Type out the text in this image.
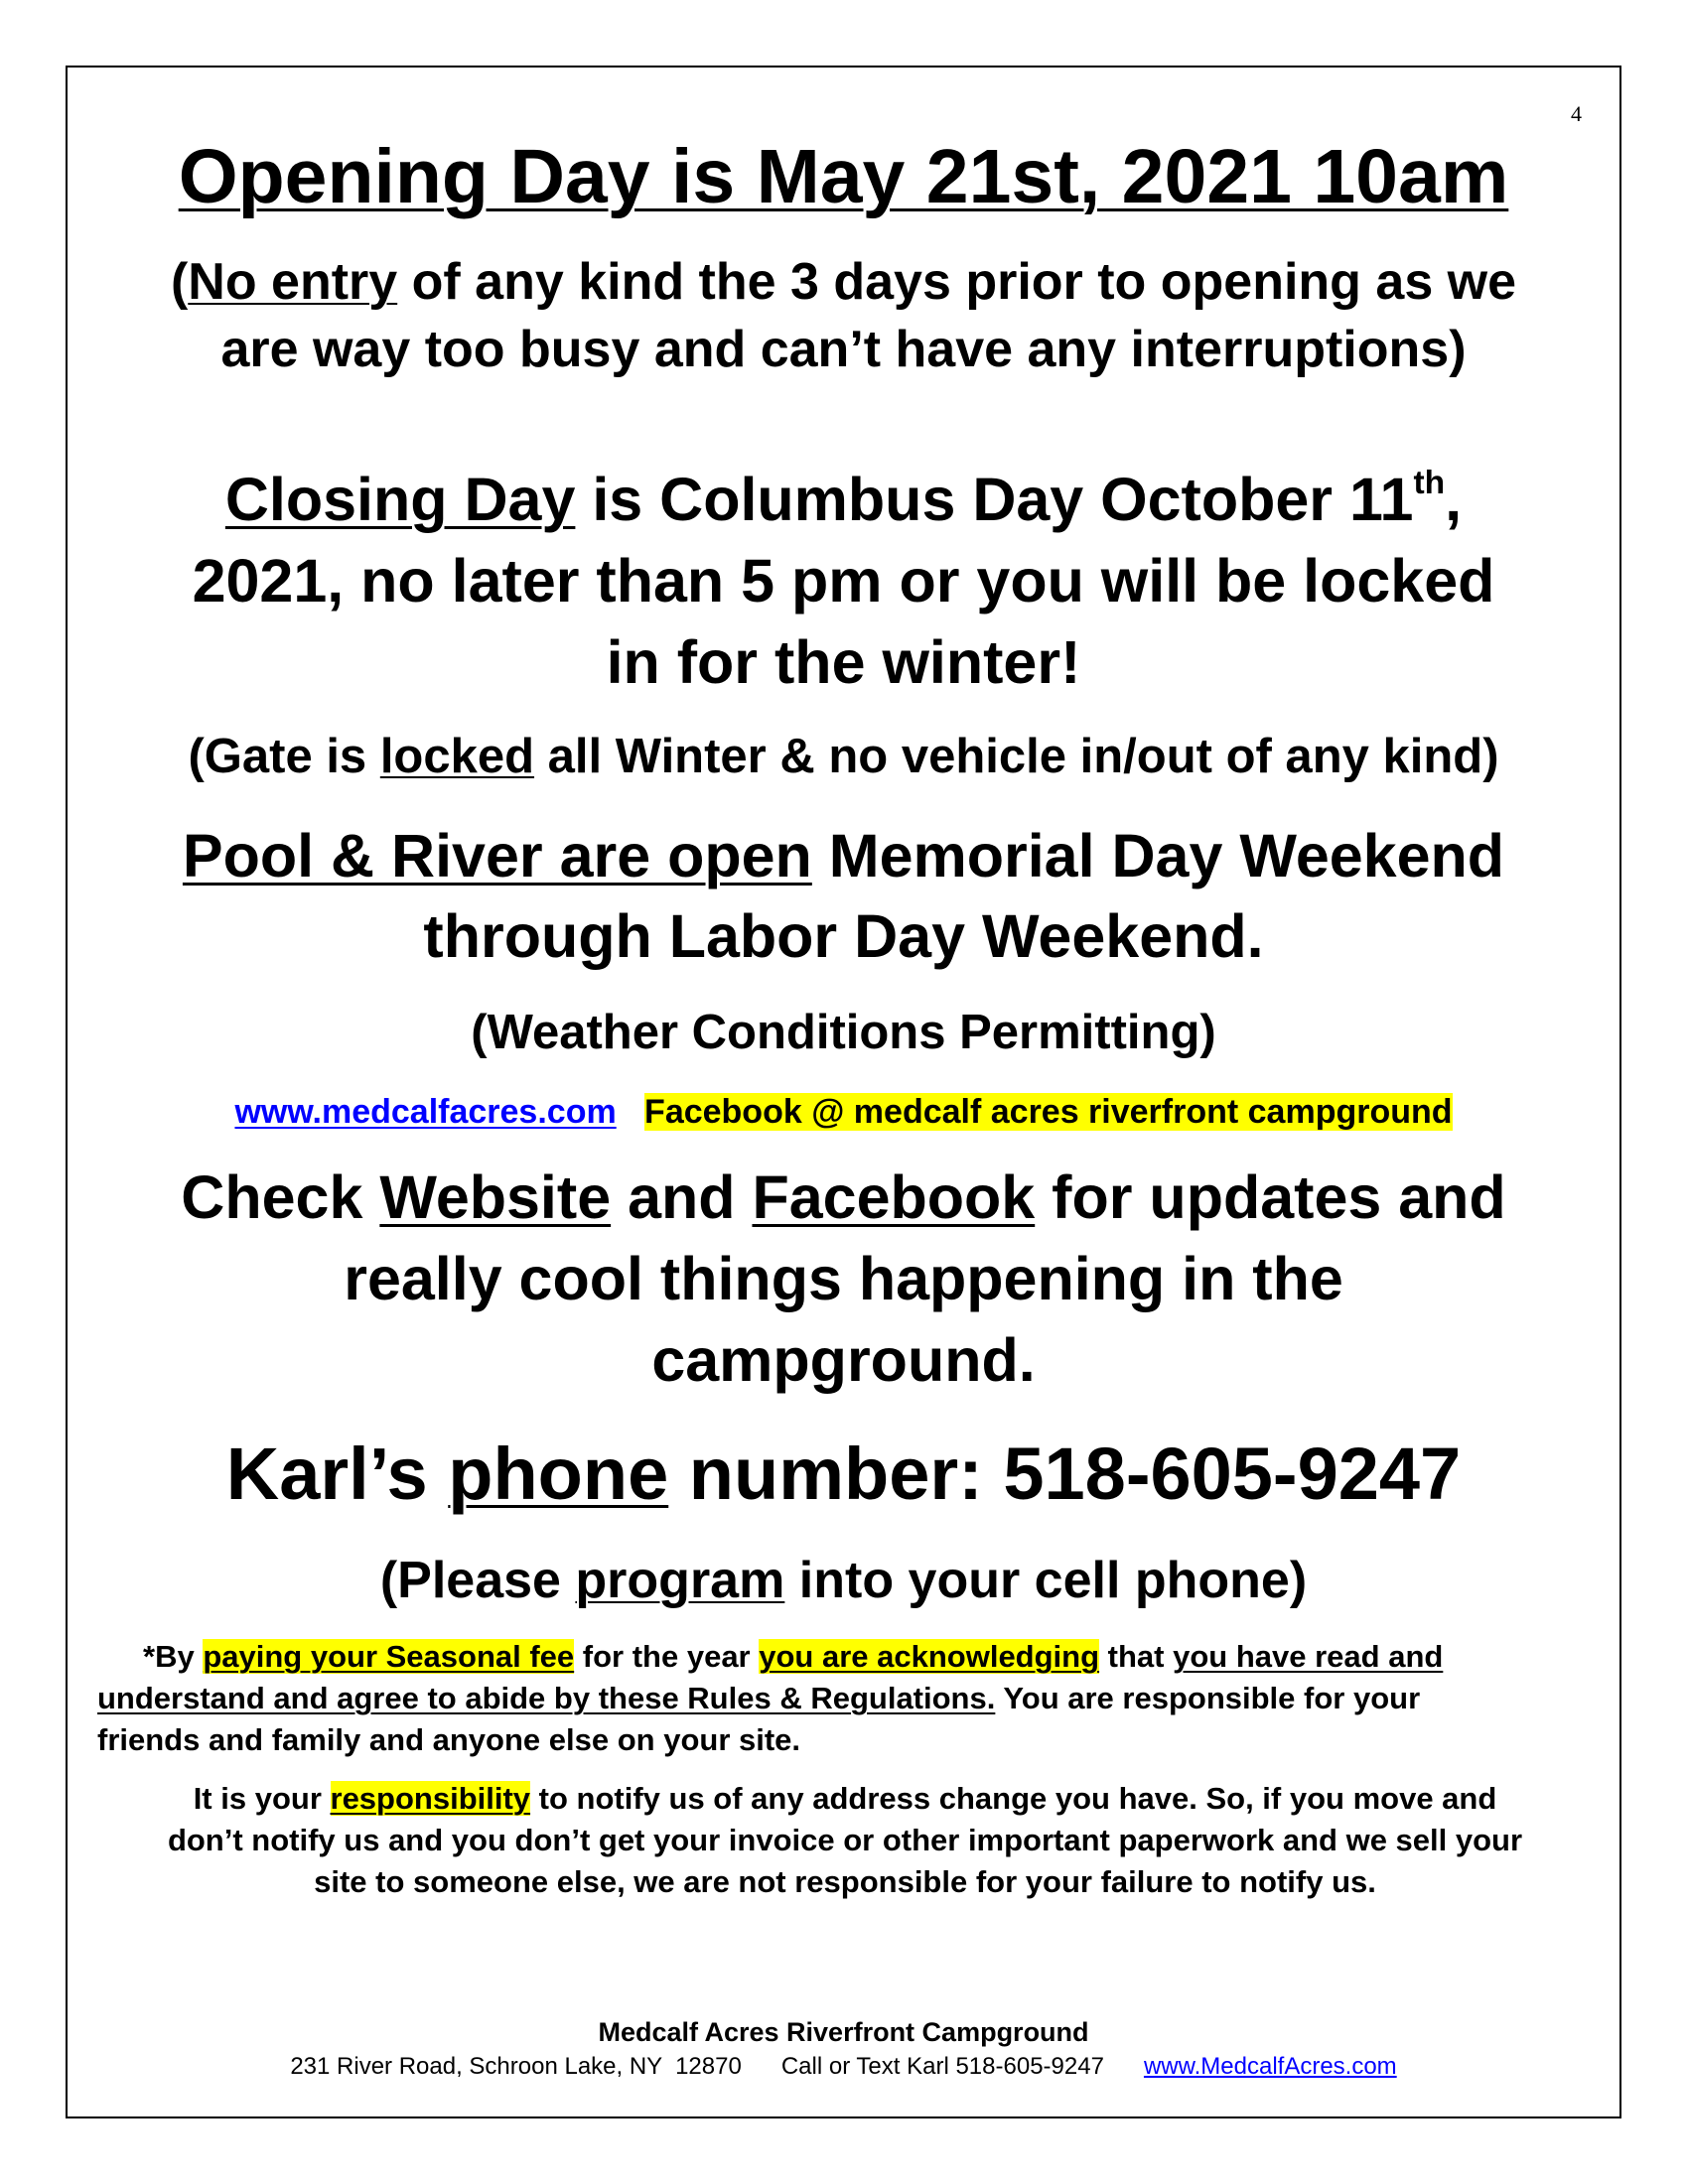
4
Opening Day is May 21st, 2021 10am
(No entry of any kind the 3 days prior to opening as we
are way too busy and can’t have any interruptions)
Closing Day is Columbus Day October 11th,
2021, no later than 5 pm or you will be locked
in for the winter!
(Gate is locked all Winter & no vehicle in/out of any kind)
Pool & River are open Memorial Day Weekend
through Labor Day Weekend.
(Weather Conditions Permitting)
www.medcalfacres.com Facebook @ medcalf acres riverfront campground
Check Website and Facebook for updates and
really cool things happening in the
campground.
Karl’s phone number: 518-605-9247
(Please program into your cell phone)
*By paying your Seasonal fee for the year you are acknowledging that you have read and
understand and agree to abide by these Rules & Regulations. You are responsible for your
friends and family and anyone else on your site.
It is your responsibility to notify us of any address change you have. So, if you move and
don’t notify us and you don’t get your invoice or other important paperwork and we sell your
site to someone else, we are not responsible for your failure to notify us.
Medcalf Acres Riverfront Campground
231 River Road, Schroon Lake, NY  12870 Call or Text Karl 518-605-9247 www.MedcalfAcres.com
